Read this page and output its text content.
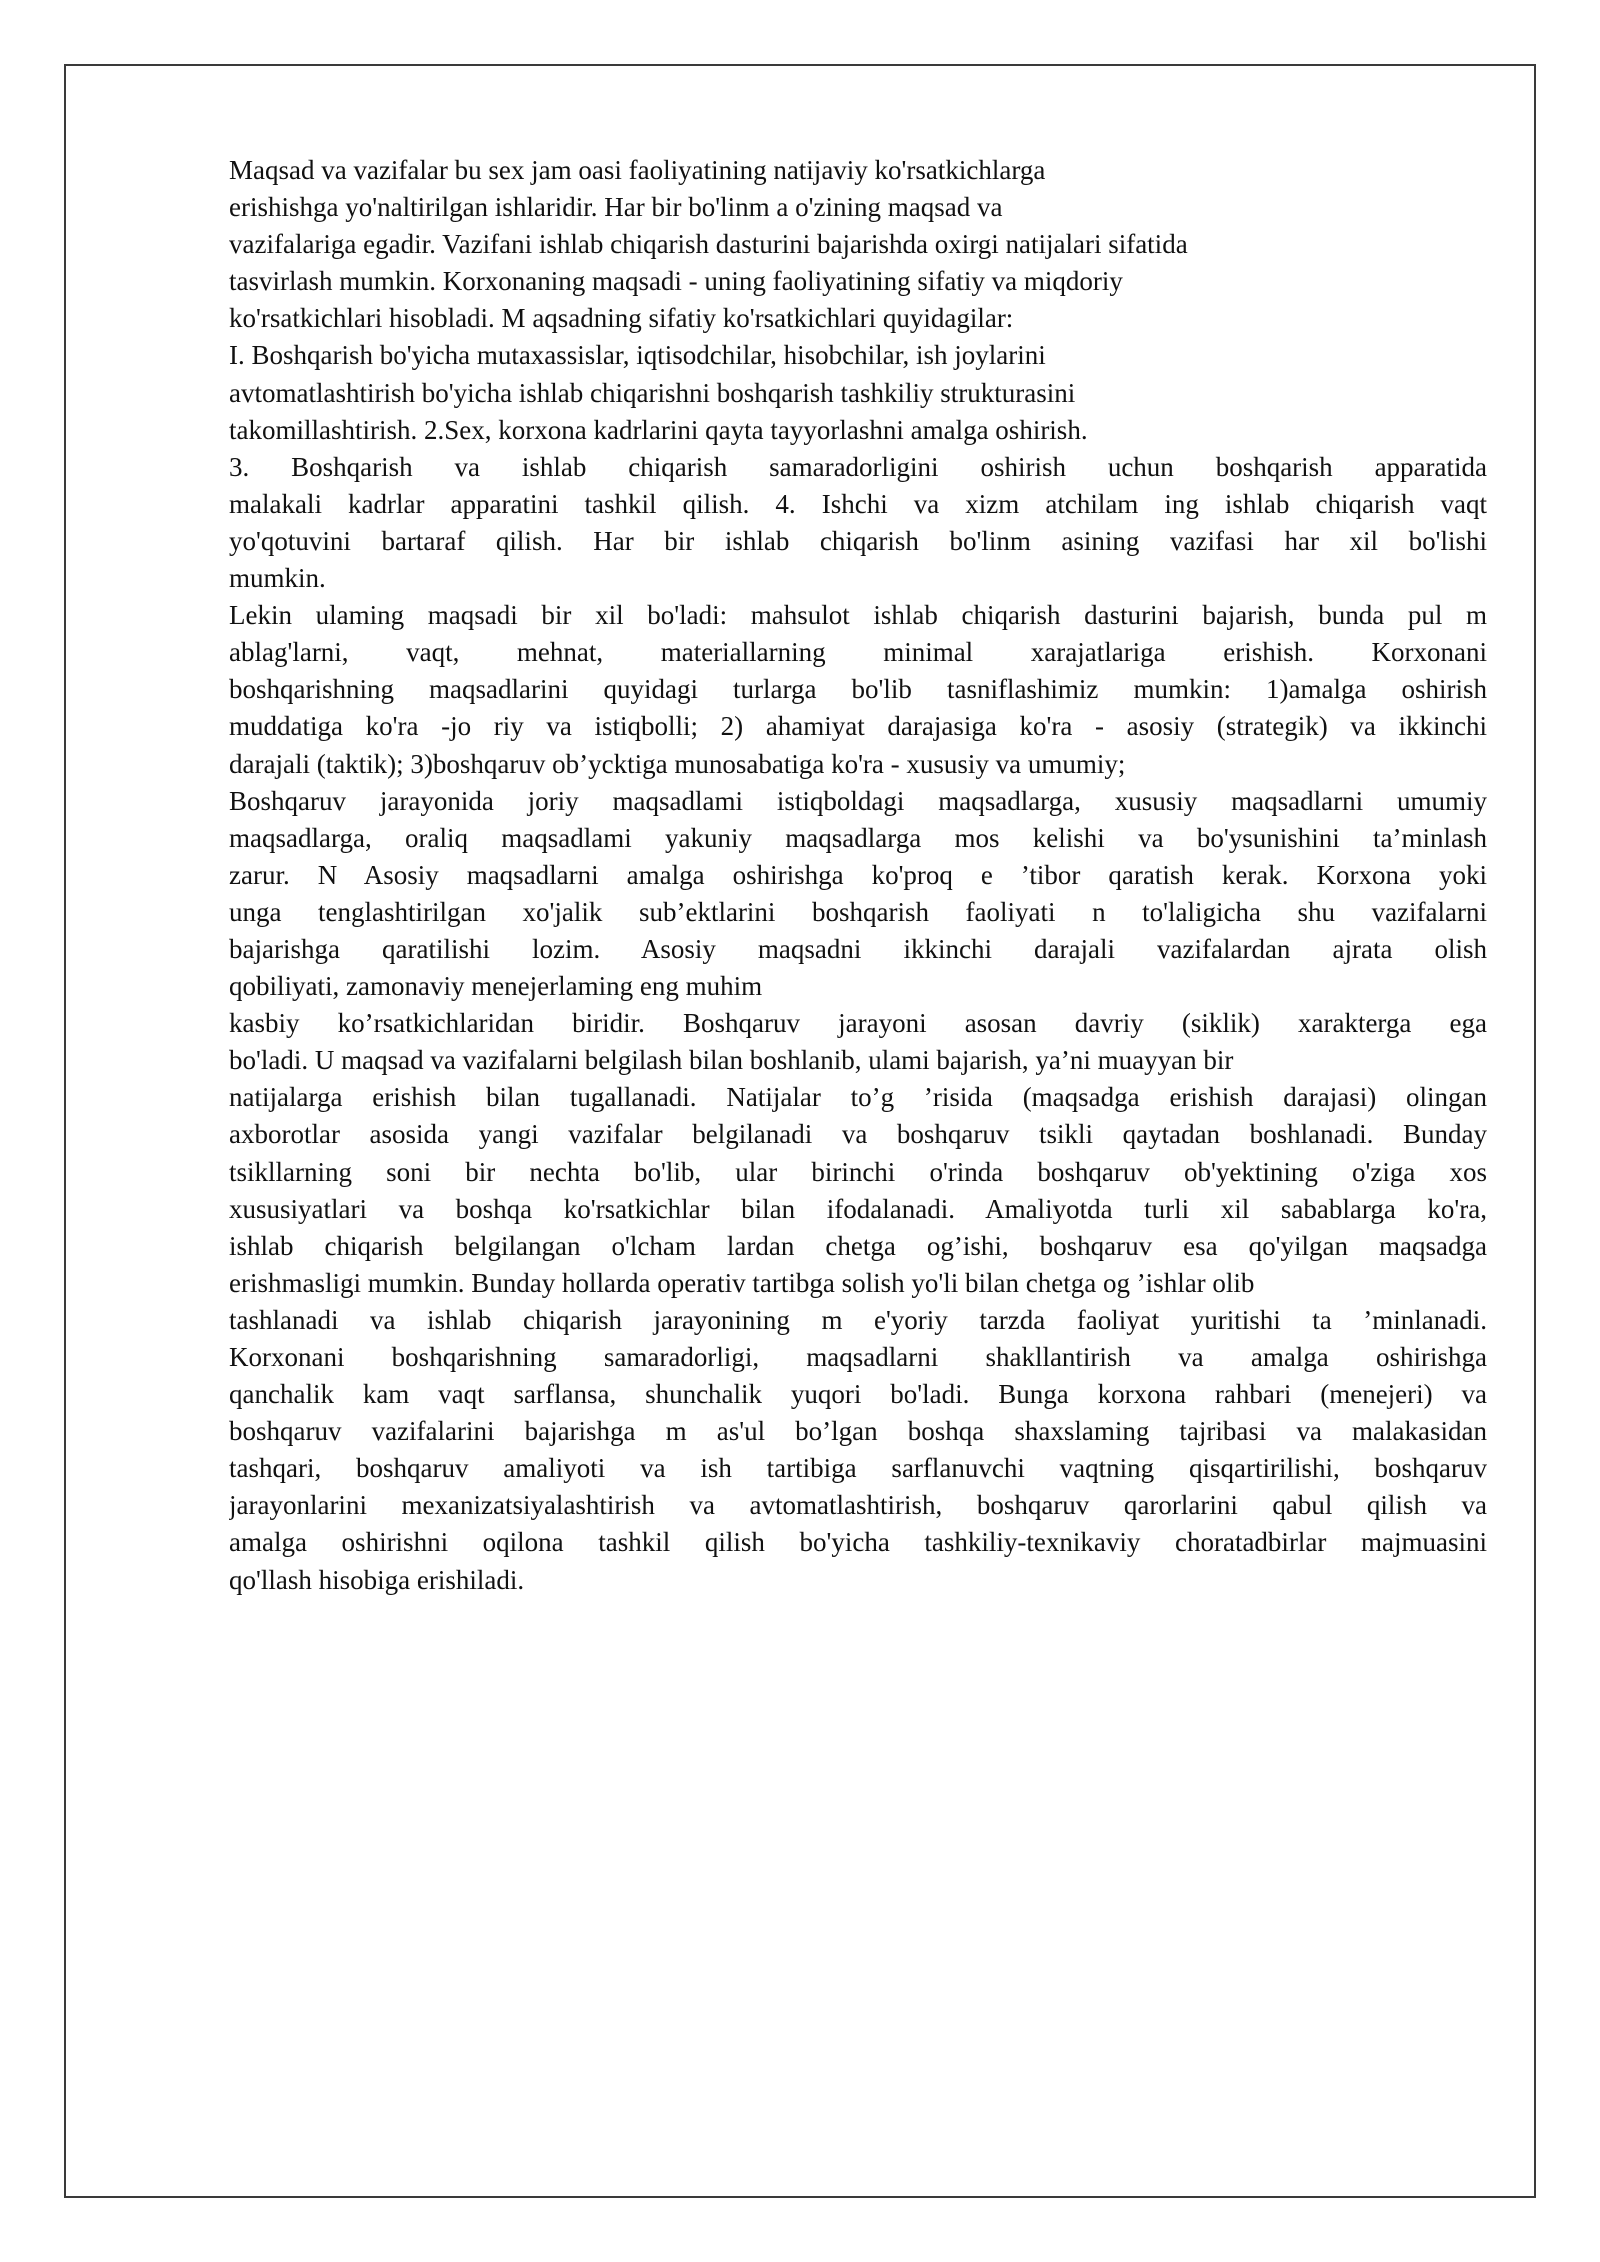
Maqsad va vazifalar bu sex jam oasi faoliyatining natijaviy ko'rsatkichlarga

erishishga yo'naltirilgan ishlaridir. Har bir bo'linm a o'zining maqsad va

vazifalariga egadir. Vazifani ishlab chiqarish dasturini bajarishda oxirgi natijalari sifatida

tasvirlash mumkin. Korxonaning maqsadi - uning faoliyatining sifatiy va miqdoriy

ko'rsatkichlari hisobladi. M aqsadning sifatiy ko'rsatkichlari quyidagilar:

I. Boshqarish bo'yicha mutaxassislar, iqtisodchilar, hisobchilar, ish joylarini

avtomatlashtirish bo'yicha ishlab chiqarishni boshqarish tashkiliy strukturasini

takomillashtirish. 2.Sex, korxona kadrlarini qayta tayyorlashni amalga oshirish.

3. Boshqarish va ishlab chiqarish samaradorligini oshirish uchun boshqarish apparatida

malakali kadrlar apparatini tashkil qilish. 4. Ishchi va xizm atchilam ing ishlab chiqarish vaqt

yo'qotuvini bartaraf qilish. Har bir ishlab chiqarish bo'linm asining vazifasi har xil bo'lishi

mumkin.

Lekin ulaming maqsadi bir xil bo'ladi: mahsulot ishlab chiqarish dasturini bajarish, bunda pul m

ablag'larni, vaqt, mehnat, materiallarning minimal xarajatlariga erishish. Korxonani

boshqarishning maqsadlarini quyidagi turlarga bo'lib tasniflashimiz mumkin: 1)amalga oshirish

muddatiga ko'ra -jo riy va istiqbolli; 2) ahamiyat darajasiga ko'ra - asosiy (strategik) va ikkinchi

darajali (taktik); 3)boshqaruv ob’ycktiga munosabatiga ko'ra - xususiy va umumiy;

Boshqaruv jarayonida joriy maqsadlami istiqboldagi maqsadlarga, xususiy maqsadlarni umumiy

maqsadlarga, oraliq maqsadlami yakuniy maqsadlarga mos kelishi va bo'ysunishini ta’minlash

zarur. N Asosiy maqsadlarni amalga oshirishga ko'proq e ’tibor qaratish kerak. Korxona yoki

unga tenglashtirilgan xo'jalik sub’ektlarini boshqarish faoliyati n to'laligicha shu vazifalarni

bajarishga qaratilishi lozim. Asosiy maqsadni ikkinchi darajali vazifalardan ajrata olish

qobiliyati, zamonaviy menejerlaming eng muhim

kasbiy ko’rsatkichlaridan biridir. Boshqaruv jarayoni asosan davriy (siklik) xarakterga ega

bo'ladi. U maqsad va vazifalarni belgilash bilan boshlanib, ulami bajarish, ya’ni muayyan bir

natijalarga erishish bilan tugallanadi. Natijalar to’g ’risida (maqsadga erishish darajasi) olingan

axborotlar asosida yangi vazifalar belgilanadi va boshqaruv tsikli qaytadan boshlanadi. Bunday

tsikllarning soni bir nechta bo'lib, ular birinchi o'rinda boshqaruv ob'yektining o'ziga xos

xususiyatlari va boshqa ko'rsatkichlar bilan ifodalanadi. Amaliyotda turli xil sabablarga ko'ra,

ishlab chiqarish belgilangan o'lcham lardan chetga og’ishi, boshqaruv esa qo'yilgan maqsadga

erishmasligi mumkin. Bunday hollarda operativ tartibga solish yo'li bilan chetga og ’ishlar olib

tashlanadi va ishlab chiqarish jarayonining m e'yoriy tarzda faoliyat yuritishi ta ’minlanadi.

Korxonani boshqarishning samaradorligi, maqsadlarni shakllantirish va amalga oshirishga

qanchalik kam vaqt sarflansa, shunchalik yuqori bo'ladi. Bunga korxona rahbari (menejeri) va

boshqaruv vazifalarini bajarishga m as'ul bo’lgan boshqa shaxslaming tajribasi va malakasidan

tashqari, boshqaruv amaliyoti va ish tartibiga sarflanuvchi vaqtning qisqartirilishi, boshqaruv

jarayonlarini mexanizatsiyalashtirish va avtomatlashtirish, boshqaruv qarorlarini qabul qilish va

amalga oshirishni oqilona tashkil qilish bo'yicha tashkiliy-texnikaviy choratadbirlar majmuasini

qo'llash hisobiga erishiladi.
